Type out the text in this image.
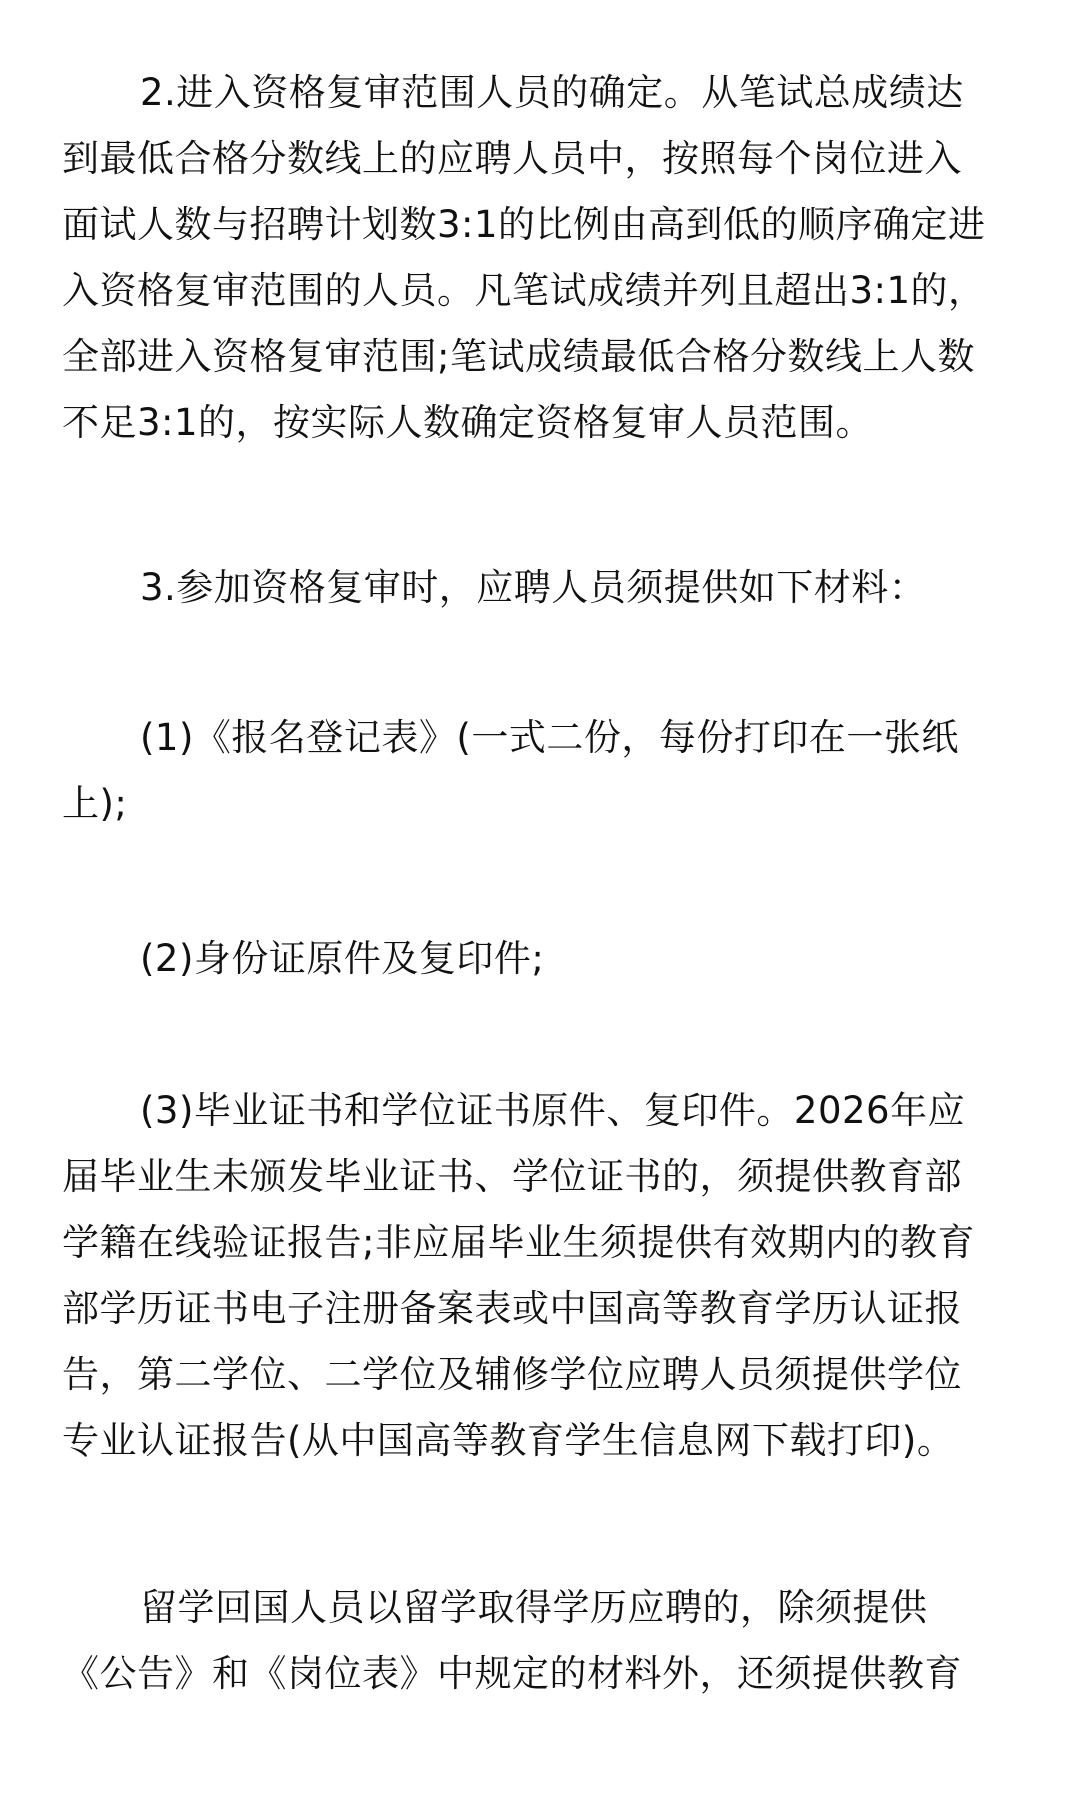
2.进入资格复审范围人员的确定。从笔试总成绩达
到最低合格分数线上的应聘人员中，按照每个岗位进入
面试人数与招聘计划数3:1的比例由高到低的顺序确定进
入资格复审范围的人员。凡笔试成绩并列且超出3:1的，
全部进入资格复审范围;笔试成绩最低合格分数线上人数
不足3:1的，按实际人数确定资格复审人员范围。
3.参加资格复审时，应聘人员须提供如下材料：
(1)《报名登记表》(一式二份，每份打印在一张纸
上);
(2)身份证原件及复印件;
(3)毕业证书和学位证书原件、复印件。2026年应
届毕业生未颁发毕业证书、学位证书的，须提供教育部
学籍在线验证报告;非应届毕业生须提供有效期内的教育
部学历证书电子注册备案表或中国高等教育学历认证报
告，第二学位、二学位及辅修学位应聘人员须提供学位
专业认证报告(从中国高等教育学生信息网下载打印)。
留学回国人员以留学取得学历应聘的，除须提供
《公告》和《岗位表》中规定的材料外，还须提供教育
